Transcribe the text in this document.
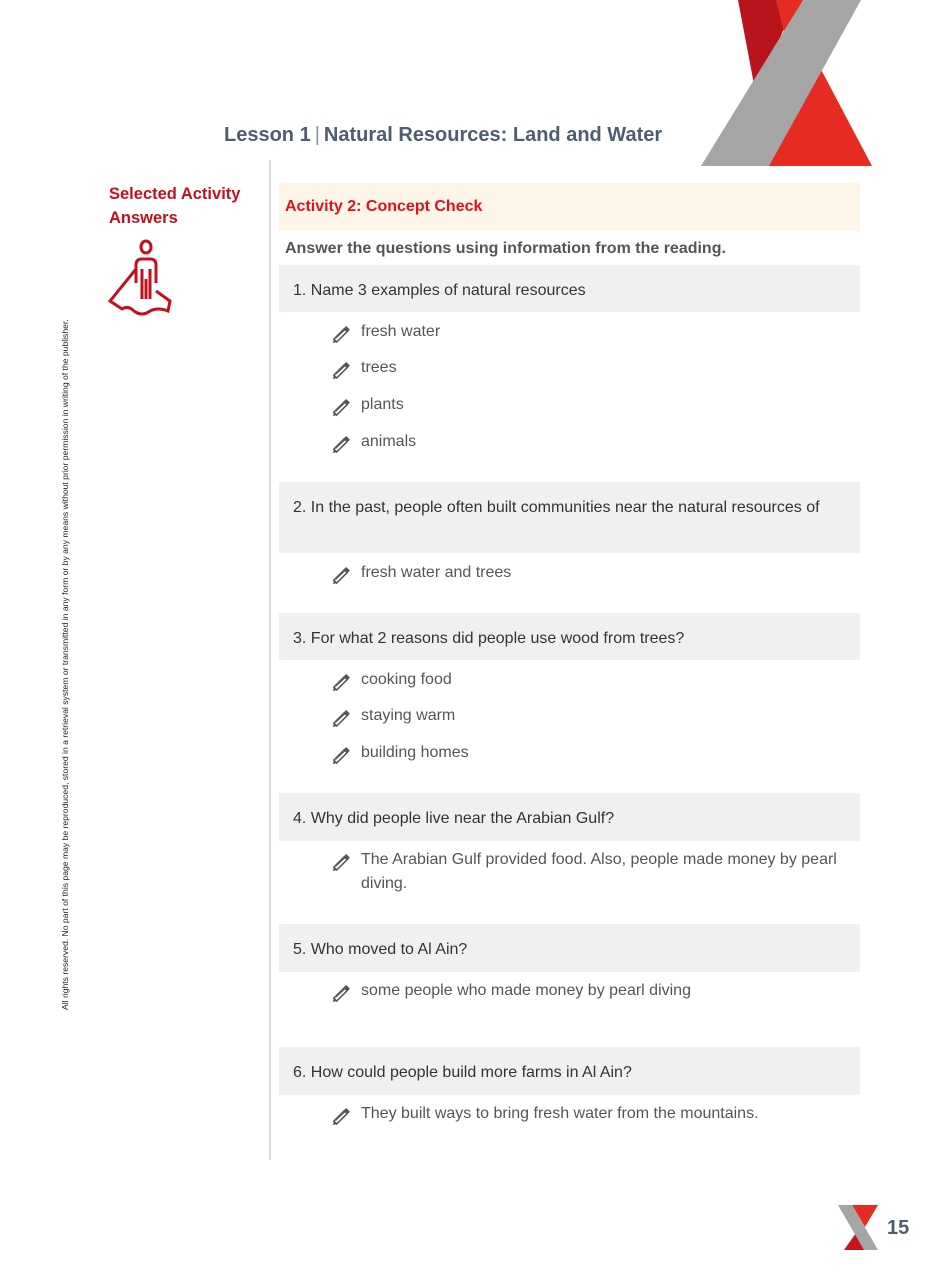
Lesson 1 | Natural Resources: Land and Water
Selected Activity Answers
All rights reserved. No part of this page may be reproduced, stored in a retrieval system or transmitted in any form or by any means without prior permission in writing of the publisher.
Activity 2: Concept Check
Answer the questions using information from the reading.
1. Name 3 examples of natural resources
fresh water
trees
plants
animals
2. In the past, people often built communities near the natural resources of
fresh water and trees
3. For what 2 reasons did people use wood from trees?
cooking food
staying warm
building homes
4. Why did people live near the Arabian Gulf?
The Arabian Gulf provided food. Also, people made money by pearl diving.
5. Who moved to Al Ain?
some people who made money by pearl diving
6. How could people build more farms in Al Ain?
They built ways to bring fresh water from the mountains.
15
